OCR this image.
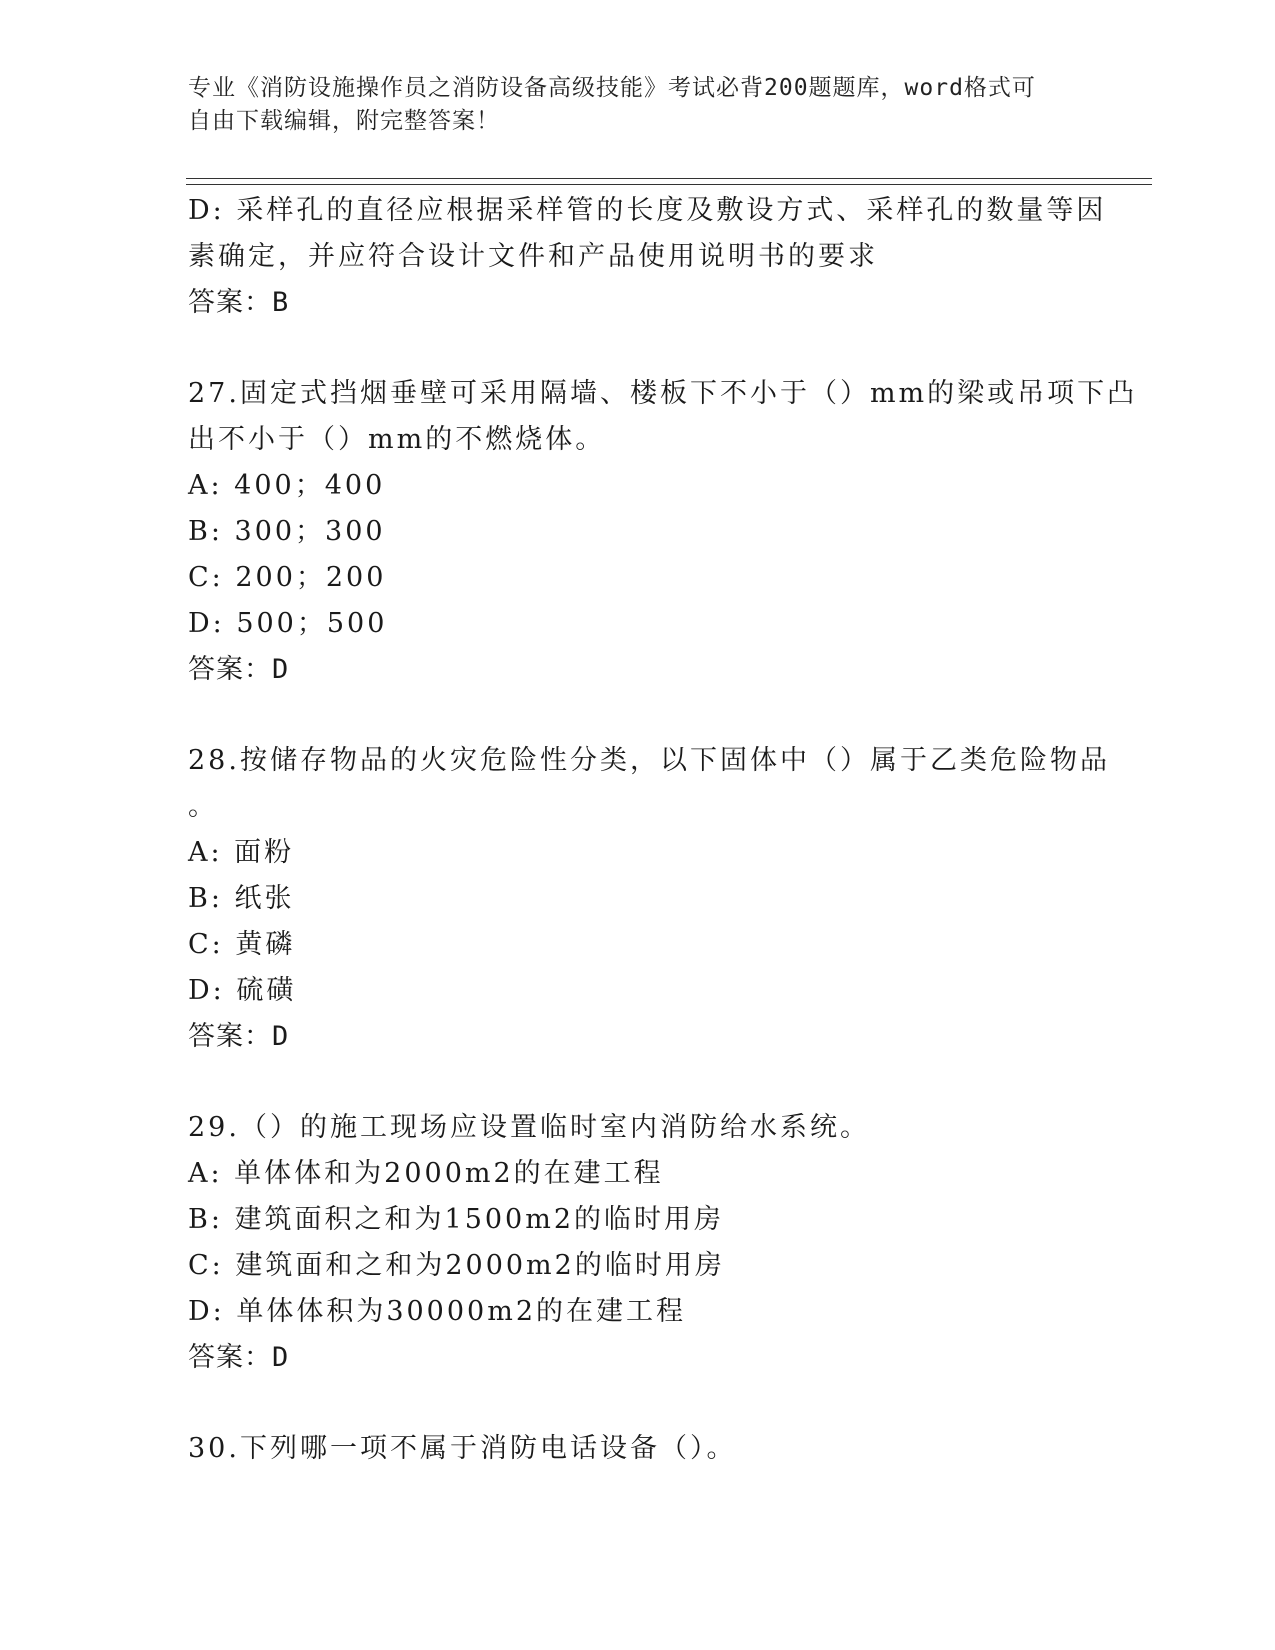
专业《消防设施操作员之消防设备高级技能》考试必背200题题库，word格式可
自由下载编辑，附完整答案！
D: 采样孔的直径应根据采样管的长度及敷设方式、采样孔的数量等因
素确定，并应符合设计文件和产品使用说明书的要求
答案：B
27.固定式挡烟垂壁可采用隔墙、楼板下不小于（）mm的梁或吊项下凸
出不小于（）mm的不燃烧体。
A: 400；400
B: 300；300
C: 200；200
D: 500；500
答案：D
28.按储存物品的火灾危险性分类，以下固体中（）属于乙类危险物品
。
A: 面粉
B: 纸张
C: 黄磷
D: 硫磺
答案：D
29.（）的施工现场应设置临时室内消防给水系统。
A: 单体体和为2000m2的在建工程
B: 建筑面积之和为1500m2的临时用房
C: 建筑面和之和为2000m2的临时用房
D: 单体体积为30000m2的在建工程
答案：D
30.下列哪一项不属于消防电话设备（）。
